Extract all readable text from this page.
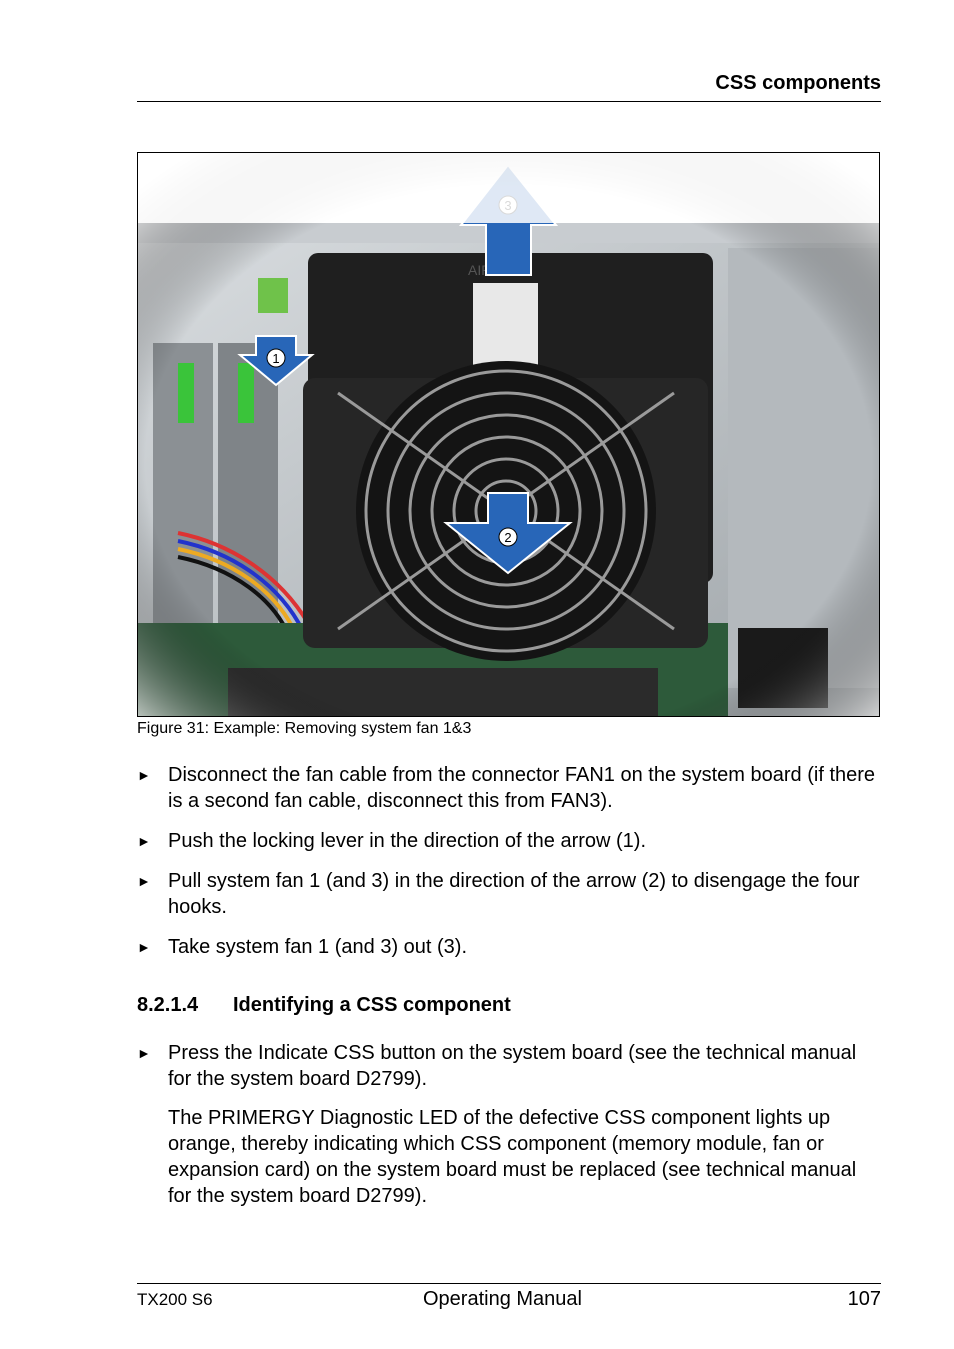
CSS components
Figure 31: Example: Removing system fan 1&3
► Disconnect the fan cable from the connector FAN1 on the system board (if there is a second fan cable, disconnect this from FAN3).
► Push the locking lever in the direction of the arrow (1).
► Pull system fan 1 (and 3) in the direction of the arrow (2) to disengage the four hooks.
► Take system fan 1 (and 3) out (3).
8.2.1.4 Identifying a CSS component
► Press the Indicate CSS button on the system board (see the technical manual for the system board D2799).
The PRIMERGY Diagnostic LED of the defective CSS component lights up orange, thereby indicating which CSS component (memory module, fan or expansion card) on the system board must be replaced (see technical manual for the system board D2799).
TX200 S6	Operating Manual	107
